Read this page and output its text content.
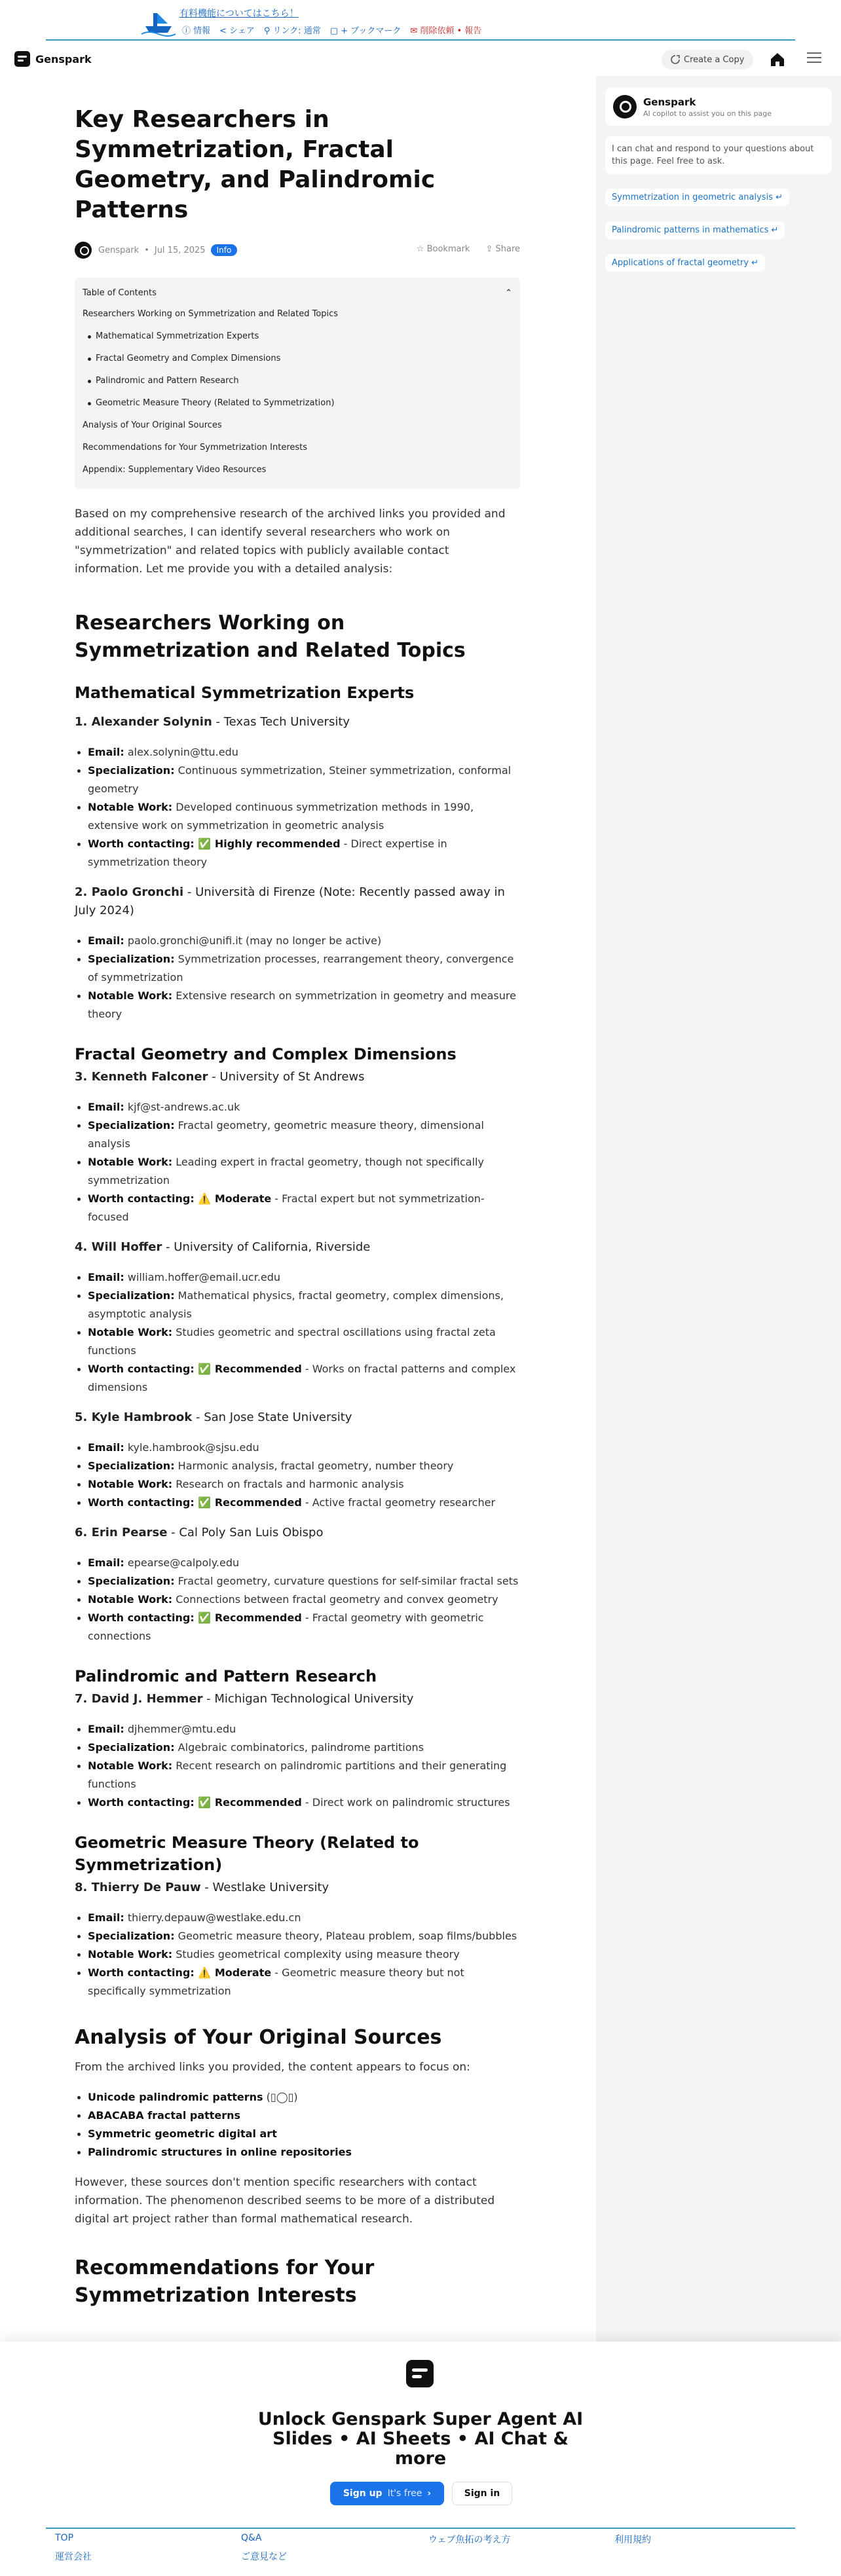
有料機能についてはこちら！
ⓘ 情報 < シェア ⚲ リンク: 通常 ▢ + ブックマーク ✉ 削除依頼 • 報告
Genspark	Create a Copy
Key Researchers in Symmetrization, Fractal Geometry, and Palindromic Patterns
Genspark • Jul 15, 2025	Info	☆ Bookmark ⇪ Share
Table of Contents	⌃
Researchers Working on Symmetrization and Related Topics
Mathematical Symmetrization Experts
Fractal Geometry and Complex Dimensions
Palindromic and Pattern Research
Geometric Measure Theory (Related to Symmetrization)
Analysis of Your Original Sources
Recommendations for Your Symmetrization Interests
Appendix: Supplementary Video Resources

Based on my comprehensive research of the archived links you provided and additional searches, I can identify several researchers who work on "symmetrization" and related topics with publicly available contact information. Let me provide you with a detailed analysis:

Researchers Working on Symmetrization and Related Topics
Mathematical Symmetrization Experts
1. Alexander Solynin - Texas Tech University
Email: alex.solynin@ttu.edu
Specialization: Continuous symmetrization, Steiner symmetrization, conformal geometry
Notable Work: Developed continuous symmetrization methods in 1990, extensive work on symmetrization in geometric analysis
Worth contacting: ✅ Highly recommended - Direct expertise in symmetrization theory
2. Paolo Gronchi - Università di Firenze (Note: Recently passed away in July 2024)
Email: paolo.gronchi@unifi.it (may no longer be active)
Specialization: Symmetrization processes, rearrangement theory, convergence of symmetrization
Notable Work: Extensive research on symmetrization in geometry and measure theory
Fractal Geometry and Complex Dimensions
3. Kenneth Falconer - University of St Andrews
Email: kjf@st-andrews.ac.uk
Specialization: Fractal geometry, geometric measure theory, dimensional analysis
Notable Work: Leading expert in fractal geometry, though not specifically symmetrization
Worth contacting: ⚠️ Moderate - Fractal expert but not symmetrization-focused
4. Will Hoffer - University of California, Riverside
Email: william.hoffer@email.ucr.edu
Specialization: Mathematical physics, fractal geometry, complex dimensions, asymptotic analysis
Notable Work: Studies geometric and spectral oscillations using fractal zeta functions
Worth contacting: ✅ Recommended - Works on fractal patterns and complex dimensions
5. Kyle Hambrook - San Jose State University
Email: kyle.hambrook@sjsu.edu
Specialization: Harmonic analysis, fractal geometry, number theory
Notable Work: Research on fractals and harmonic analysis
Worth contacting: ✅ Recommended - Active fractal geometry researcher
6. Erin Pearse - Cal Poly San Luis Obispo
Email: epearse@calpoly.edu
Specialization: Fractal geometry, curvature questions for self-similar fractal sets
Notable Work: Connections between fractal geometry and convex geometry
Worth contacting: ✅ Recommended - Fractal geometry with geometric connections
Palindromic and Pattern Research
7. David J. Hemmer - Michigan Technological University
Email: djhemmer@mtu.edu
Specialization: Algebraic combinatorics, palindrome partitions
Notable Work: Recent research on palindromic partitions and their generating functions
Worth contacting: ✅ Recommended - Direct work on palindromic structures
Geometric Measure Theory (Related to Symmetrization)
8. Thierry De Pauw - Westlake University
Email: thierry.depauw@westlake.edu.cn
Specialization: Geometric measure theory, Plateau problem, soap films/bubbles
Notable Work: Studies geometrical complexity using measure theory
Worth contacting: ⚠️ Moderate - Geometric measure theory but not specifically symmetrization
Analysis of Your Original Sources

From the archived links you provided, the content appears to focus on:

Unicode palindromic patterns (▯◯▯)
ABACABA fractal patterns
Symmetric geometric digital art
Palindromic structures in online repositories

However, these sources don't mention specific researchers with contact information. The phenomenon described seems to be more of a distributed digital art project rather than formal mathematical research.

Recommendations for Your Symmetrization Interests
Genspark
AI copilot to assist you on this page
I can chat and respond to your questions about this page. Feel free to ask.
Symmetrization in geometric analysis ↵
Palindromic patterns in mathematics ↵
Applications of fractal geometry ↵
Unlock Genspark Super Agent AI Slides • AI Sheets • AI Chat & more
Sign up It's free ›	Sign in
TOP	Q&A	ウェブ魚拓の考え方	利用規約
運営会社	ご意見など
